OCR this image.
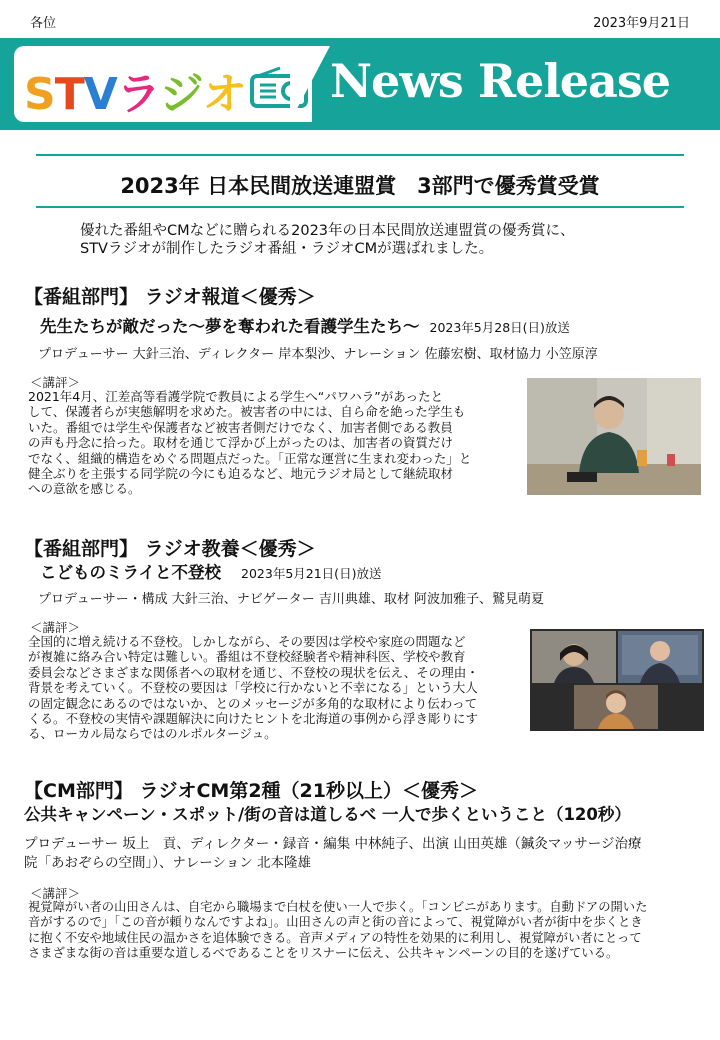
各位	2023年9月21日
STVラジオ News Release
2023年 日本民間放送連盟賞　3部門で優秀賞受賞
優れた番組やCMなどに贈られる2023年の日本民間放送連盟賞の優秀賞に、
STVラジオが制作したラジオ番組・ラジオCMが選ばれました。
【番組部門】 ラジオ報道＜優秀＞
先生たちが敵だった～夢を奪われた看護学生たち～ 2023年5月28日(日)放送
プロデューサー 大針三治、ディレクター 岸本梨沙、ナレーション 佐藤宏樹、取材協力 小笠原淳
＜講評＞
2021年4月、江差高等看護学院で教員による学生へ“パワハラ”があったと
して、保護者らが実態解明を求めた。被害者の中には、自ら命を絶った学生も
いた。番組では学生や保護者など被害者側だけでなく、加害者側である教員
の声も丹念に拾った。取材を通じて浮かび上がったのは、加害者の資質だけ
でなく、組織的構造をめぐる問題点だった。「正常な運営に生まれ変わった」と
健全ぶりを主張する同学院の今にも迫るなど、地元ラジオ局として継続取材
への意欲を感じる。
【番組部門】 ラジオ教養＜優秀＞
こどものミライと不登校 2023年5月21日(日)放送
プロデューサー・構成 大針三治、ナビゲーター 吉川典雄、取材 阿波加雅子、鷲見萌夏
＜講評＞
全国的に増え続ける不登校。しかしながら、その要因は学校や家庭の問題など
が複雑に絡み合い特定は難しい。番組は不登校経験者や精神科医、学校や教育
委員会などさまざまな関係者への取材を通じ、不登校の現状を伝え、その理由・
背景を考えていく。不登校の要因は「学校に行かないと不幸になる」という大人
の固定観念にあるのではないか、とのメッセージが多角的な取材により伝わって
くる。不登校の実情や課題解決に向けたヒントを北海道の事例から浮き彫りにす
る、ローカル局ならではのルポルタージュ。
【CM部門】 ラジオCM第2種（21秒以上）＜優秀＞
公共キャンペーン・スポット/街の音は道しるべ 一人で歩くということ（120秒）
プロデューサー 坂上　貢、ディレクター・録音・編集 中林純子、出演 山田英雄（鍼灸マッサージ治療
院「あおぞらの空間」）、ナレーション 北本隆雄
＜講評＞
視覚障がい者の山田さんは、自宅から職場まで白杖を使い一人で歩く。「コンビニがあります。自動ドアの開いた
音がするので」「この音が頼りなんですよね」。山田さんの声と街の音によって、視覚障がい者が街中を歩くとき
に抱く不安や地域住民の温かさを追体験できる。音声メディアの特性を効果的に利用し、視覚障がい者にとって
さまざまな街の音は重要な道しるべであることをリスナーに伝え、公共キャンペーンの目的を遂げている。
